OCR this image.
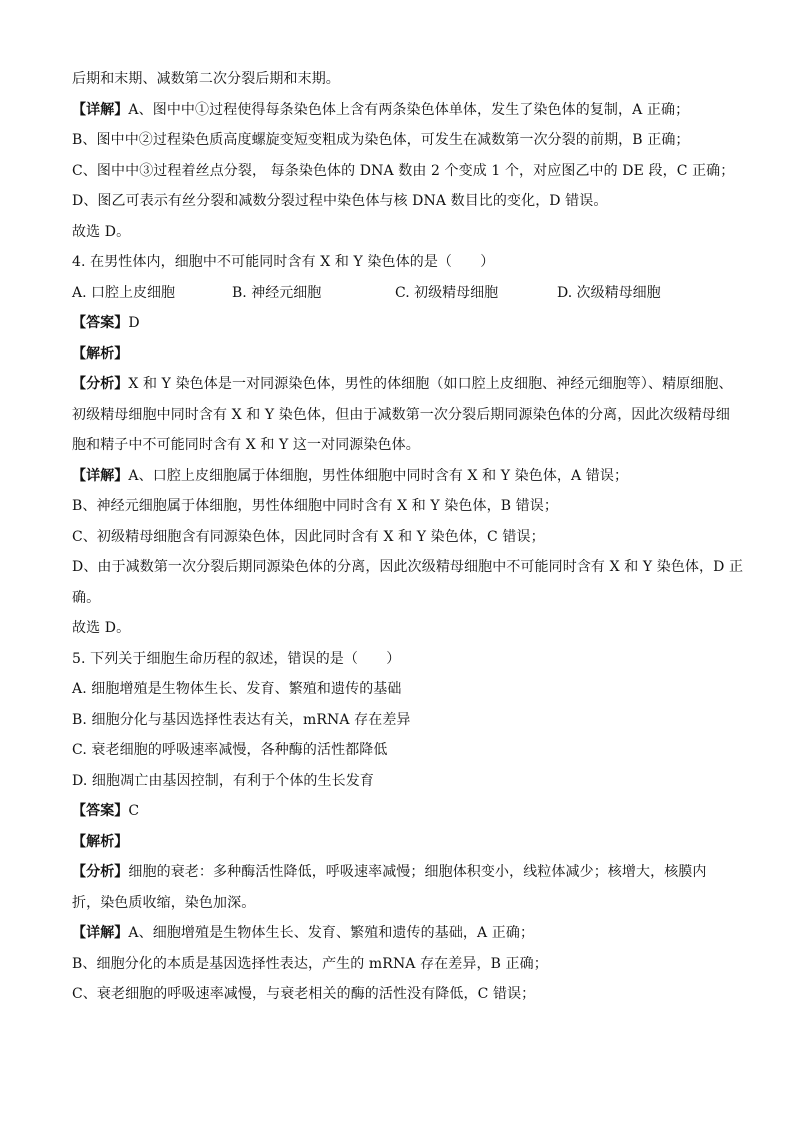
后期和末期、减数第二次分裂后期和末期。
【详解】A、图中中①过程使得每条染色体上含有两条染色体单体，发生了染色体的复制，A 正确；
B、图中中②过程染色质高度螺旋变短变粗成为染色体，可发生在减数第一次分裂的前期，B 正确；
C、图中中③过程着丝点分裂， 每条染色体的 DNA 数由 2 个变成 1 个，对应图乙中的 DE 段，C 正确；
D、图乙可表示有丝分裂和减数分裂过程中染色体与核 DNA 数目比的变化，D 错误。
故选 D。
4. 在男性体内，细胞中不可能同时含有 X 和 Y 染色体的是（　　）
A. 口腔上皮细胞	B. 神经元细胞	C. 初级精母细胞	D. 次级精母细胞
【答案】D
【解析】
【分析】X 和 Y 染色体是一对同源染色体，男性的体细胞（如口腔上皮细胞、神经元细胞等）、精原细胞、
初级精母细胞中同时含有 X 和 Y 染色体，但由于减数第一次分裂后期同源染色体的分离，因此次级精母细
胞和精子中不可能同时含有 X 和 Y 这一对同源染色体。
【详解】A、口腔上皮细胞属于体细胞，男性体细胞中同时含有 X 和 Y 染色体，A 错误；
B、神经元细胞属于体细胞，男性体细胞中同时含有 X 和 Y 染色体，B 错误；
C、初级精母细胞含有同源染色体，因此同时含有 X 和 Y 染色体，C 错误；
D、由于减数第一次分裂后期同源染色体的分离，因此次级精母细胞中不可能同时含有 X 和 Y 染色体，D 正
确。
故选 D。
5. 下列关于细胞生命历程的叙述，错误的是（　　）
A. 细胞增殖是生物体生长、发育、繁殖和遗传的基础
B. 细胞分化与基因选择性表达有关，mRNA 存在差异
C. 衰老细胞的呼吸速率减慢，各种酶的活性都降低
D. 细胞凋亡由基因控制，有利于个体的生长发育
【答案】C
【解析】
【分析】细胞的衰老：多种酶活性降低，呼吸速率减慢；细胞体积变小，线粒体减少；核增大，核膜内
折，染色质收缩，染色加深。
【详解】A、细胞增殖是生物体生长、发育、繁殖和遗传的基础，A 正确；
B、细胞分化的本质是基因选择性表达，产生的 mRNA 存在差异，B 正确；
C、衰老细胞的呼吸速率减慢，与衰老相关的酶的活性没有降低，C 错误；
